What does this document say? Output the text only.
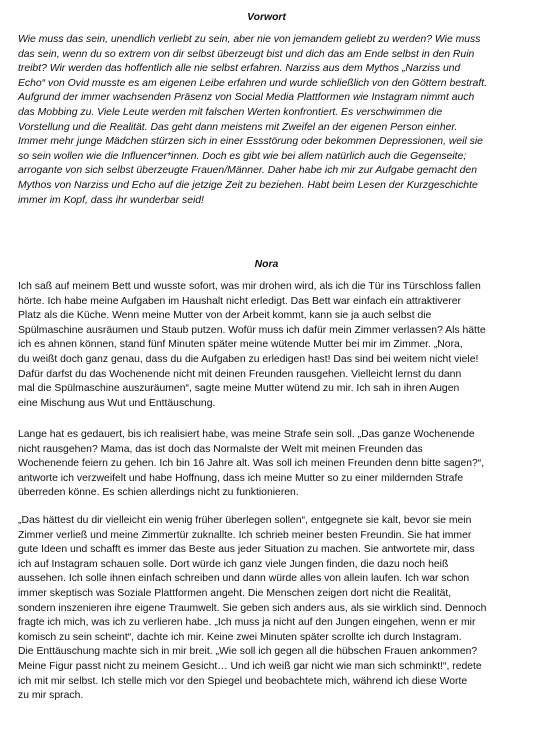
Vorwort

Wie muss das sein, unendlich verliebt zu sein, aber nie von jemandem geliebt zu werden? Wie muss
das sein, wenn du so extrem von dir selbst überzeugt bist und dich das am Ende selbst in den Ruin
treibt? Wir werden das hoffentlich alle nie selbst erfahren. Narziss aus dem Mythos „Narziss und
Echo“ von Ovid musste es am eigenen Leibe erfahren und wurde schließlich von den Göttern bestraft.
Aufgrund der immer wachsenden Präsenz von Social Media Plattformen wie Instagram nimmt auch
das Mobbing zu. Viele Leute werden mit falschen Werten konfrontiert. Es verschwimmen die
Vorstellung und die Realität. Das geht dann meistens mit Zweifel an der eigenen Person einher.
Immer mehr junge Mädchen stürzen sich in einer Essstörung oder bekommen Depressionen, weil sie
so sein wollen wie die Influencer*innen. Doch es gibt wie bei allem natürlich auch die Gegenseite;
arrogante von sich selbst überzeugte Frauen/Männer. Daher habe ich mir zur Aufgabe gemacht den
Mythos von Narziss und Echo auf die jetzige Zeit zu beziehen. Habt beim Lesen der Kurzgeschichte
immer im Kopf, dass ihr wunderbar seid!

Nora

Ich saß auf meinem Bett und wusste sofort, was mir drohen wird, als ich die Tür ins Türschloss fallen
hörte. Ich habe meine Aufgaben im Haushalt nicht erledigt. Das Bett war einfach ein attraktiverer
Platz als die Küche. Wenn meine Mutter von der Arbeit kommt, kann sie ja auch selbst die
Spülmaschine ausräumen und Staub putzen. Wofür muss ich dafür mein Zimmer verlassen? Als hätte
ich es ahnen können, stand fünf Minuten später meine wütende Mutter bei mir im Zimmer. „Nora,
du weißt doch ganz genau, dass du die Aufgaben zu erledigen hast! Das sind bei weitem nicht viele!
Dafür darfst du das Wochenende nicht mit deinen Freunden rausgehen. Vielleicht lernst du dann
mal die Spülmaschine auszuräumen“, sagte meine Mutter wütend zu mir. Ich sah in ihren Augen
eine Mischung aus Wut und Enttäuschung.

Lange hat es gedauert, bis ich realisiert habe, was meine Strafe sein soll. „Das ganze Wochenende
nicht rausgehen? Mama, das ist doch das Normalste der Welt mit meinen Freunden das
Wochenende feiern zu gehen. Ich bin 16 Jahre alt. Was soll ich meinen Freunden denn bitte sagen?“,
antworte ich verzweifelt und habe Hoffnung, dass ich meine Mutter so zu einer mildernden Strafe
überreden könne. Es schien allerdings nicht zu funktionieren.

„Das hättest du dir vielleicht ein wenig früher überlegen sollen“, entgegnete sie kalt, bevor sie mein
Zimmer verließ und meine Zimmertür zuknallte. Ich schrieb meiner besten Freundin. Sie hat immer
gute Ideen und schafft es immer das Beste aus jeder Situation zu machen. Sie antwortete mir, dass
ich auf Instagram schauen solle. Dort würde ich ganz viele Jungen finden, die dazu noch heiß
aussehen. Ich solle ihnen einfach schreiben und dann würde alles von allein laufen. Ich war schon
immer skeptisch was Soziale Plattformen angeht. Die Menschen zeigen dort nicht die Realität,
sondern inszenieren ihre eigene Traumwelt. Sie geben sich anders aus, als sie wirklich sind. Dennoch
fragte ich mich, was ich zu verlieren habe. „Ich muss ja nicht auf den Jungen eingehen, wenn er mir
komisch zu sein scheint“, dachte ich mir. Keine zwei Minuten später scrollte ich durch Instagram.
Die Enttäuschung machte sich in mir breit. „Wie soll ich gegen all die hübschen Frauen ankommen?
Meine Figur passt nicht zu meinem Gesicht… Und ich weiß gar nicht wie man sich schminkt!“, redete
ich mit mir selbst. Ich stelle mich vor den Spiegel und beobachtete mich, während ich diese Worte
zu mir sprach.
